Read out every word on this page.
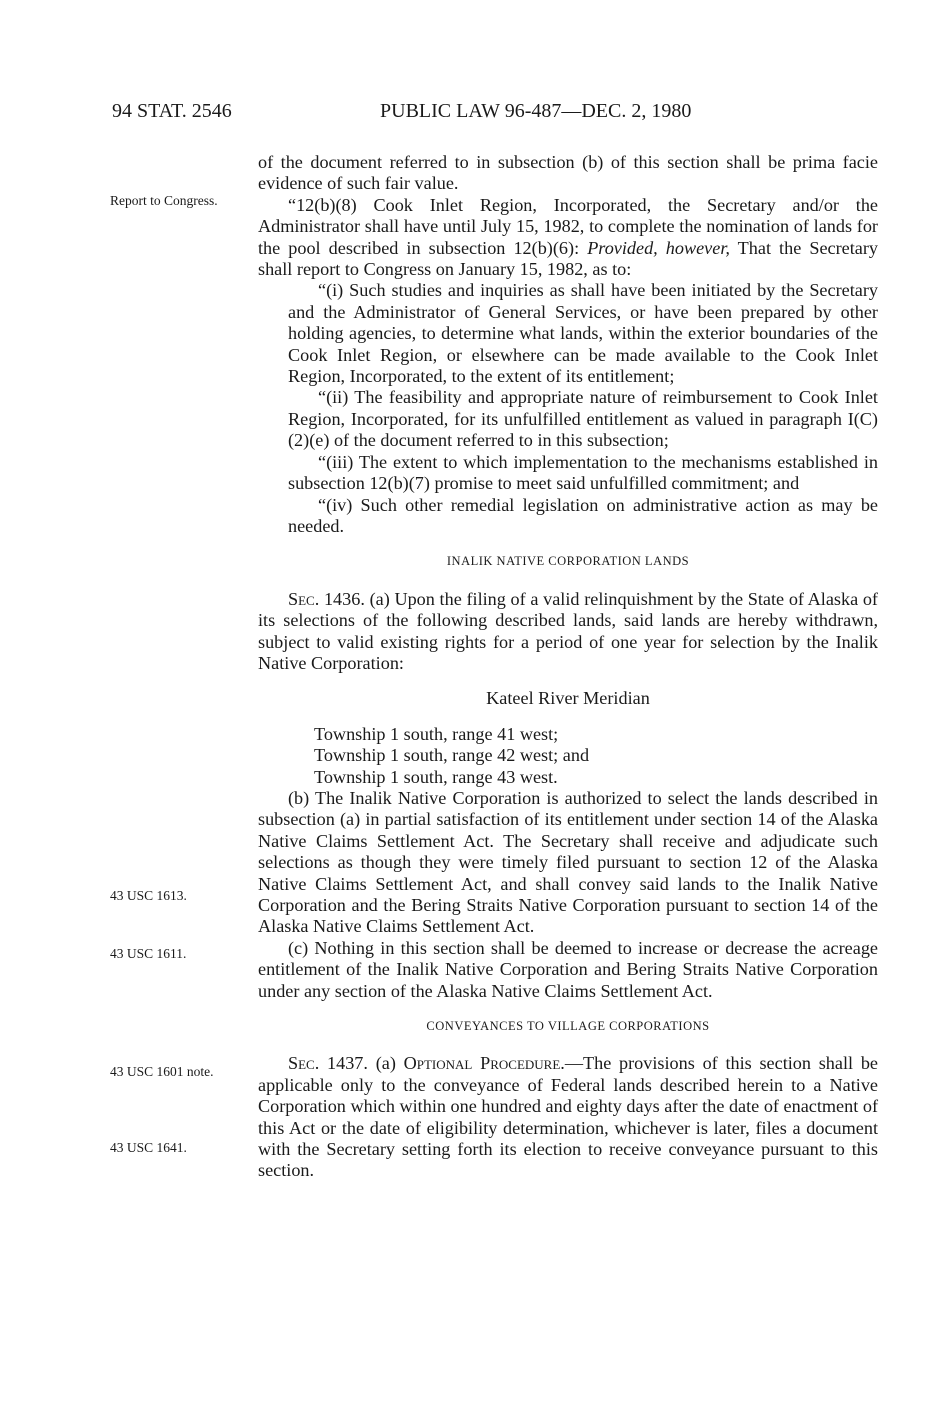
94 STAT. 2546	PUBLIC LAW 96-487—DEC. 2, 1980
Report to Congress.
43 USC 1613.
43 USC 1611.
43 USC 1601 note.
43 USC 1641.

of the document referred to in subsection (b) of this section shall be prima facie evidence of such fair value.

“12(b)(8) Cook Inlet Region, Incorporated, the Secretary and/or the Administrator shall have until July 15, 1982, to complete the nomination of lands for the pool described in subsection 12(b)(6): Provided, however, That the Secretary shall report to Congress on January 15, 1982, as to:

“(i) Such studies and inquiries as shall have been initiated by the Secretary and the Administrator of General Services, or have been prepared by other holding agencies, to determine what lands, within the exterior boundaries of the Cook Inlet Region, or elsewhere can be made available to the Cook Inlet Region, Incorporated, to the extent of its entitlement;

“(ii) The feasibility and appropriate nature of reimbursement to Cook Inlet Region, Incorporated, for its unfulfilled entitlement as valued in paragraph I(C)(2)(e) of the document referred to in this subsection;

“(iii) The extent to which implementation to the mechanisms established in subsection 12(b)(7) promise to meet said unfulfilled commitment; and

“(iv) Such other remedial legislation on administrative action as may be needed.

INALIK NATIVE CORPORATION LANDS

Sec. 1436. (a) Upon the filing of a valid relinquishment by the State of Alaska of its selections of the following described lands, said lands are hereby withdrawn, subject to valid existing rights for a period of one year for selection by the Inalik Native Corporation:

Kateel River Meridian

Township 1 south, range 41 west;

Township 1 south, range 42 west; and

Township 1 south, range 43 west.

(b) The Inalik Native Corporation is authorized to select the lands described in subsection (a) in partial satisfaction of its entitlement under section 14 of the Alaska Native Claims Settlement Act. The Secretary shall receive and adjudicate such selections as though they were timely filed pursuant to section 12 of the Alaska Native Claims Settlement Act, and shall convey said lands to the Inalik Native Corporation and the Bering Straits Native Corporation pursuant to section 14 of the Alaska Native Claims Settlement Act.

(c) Nothing in this section shall be deemed to increase or decrease the acreage entitlement of the Inalik Native Corporation and Bering Straits Native Corporation under any section of the Alaska Native Claims Settlement Act.

CONVEYANCES TO VILLAGE CORPORATIONS

Sec. 1437. (a) Optional Procedure.—The provisions of this section shall be applicable only to the conveyance of Federal lands described herein to a Native Corporation which within one hundred and eighty days after the date of enactment of this Act or the date of eligibility determination, whichever is later, files a document with the Secretary setting forth its election to receive conveyance pursuant to this section.
